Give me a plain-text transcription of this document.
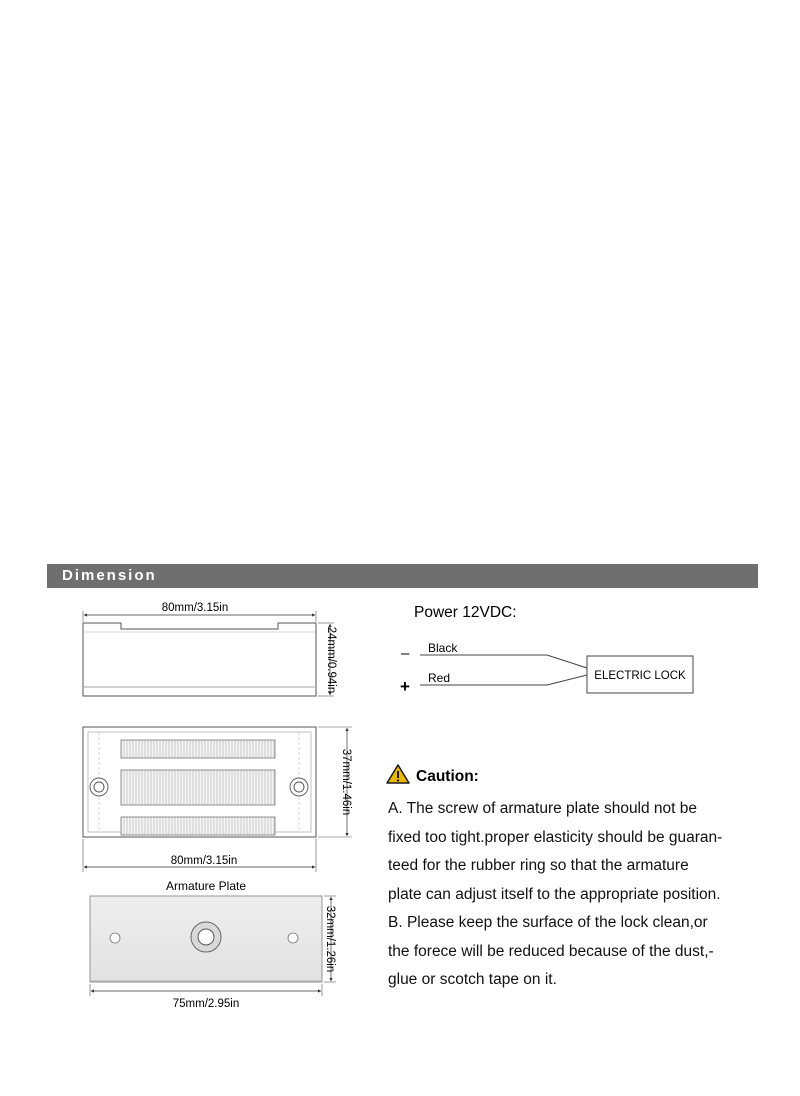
Dimension
80mm/3.15in
24mm/0.94in
37mm/1.46in
80mm/3.15in
Armature Plate
32mm/1.26in
75mm/2.95in
Power 12VDC:
–
+
Black
Red	ELECTRIC LOCK
Caution:
A. The screw of armature plate should not be
fixed too tight.proper elasticity should be guaran-
teed for the rubber ring so that the armature
plate can adjust itself to the appropriate position.
B. Please keep the surface of the lock clean,or
the forece will be reduced because of the dust,-
glue or scotch tape on it.
